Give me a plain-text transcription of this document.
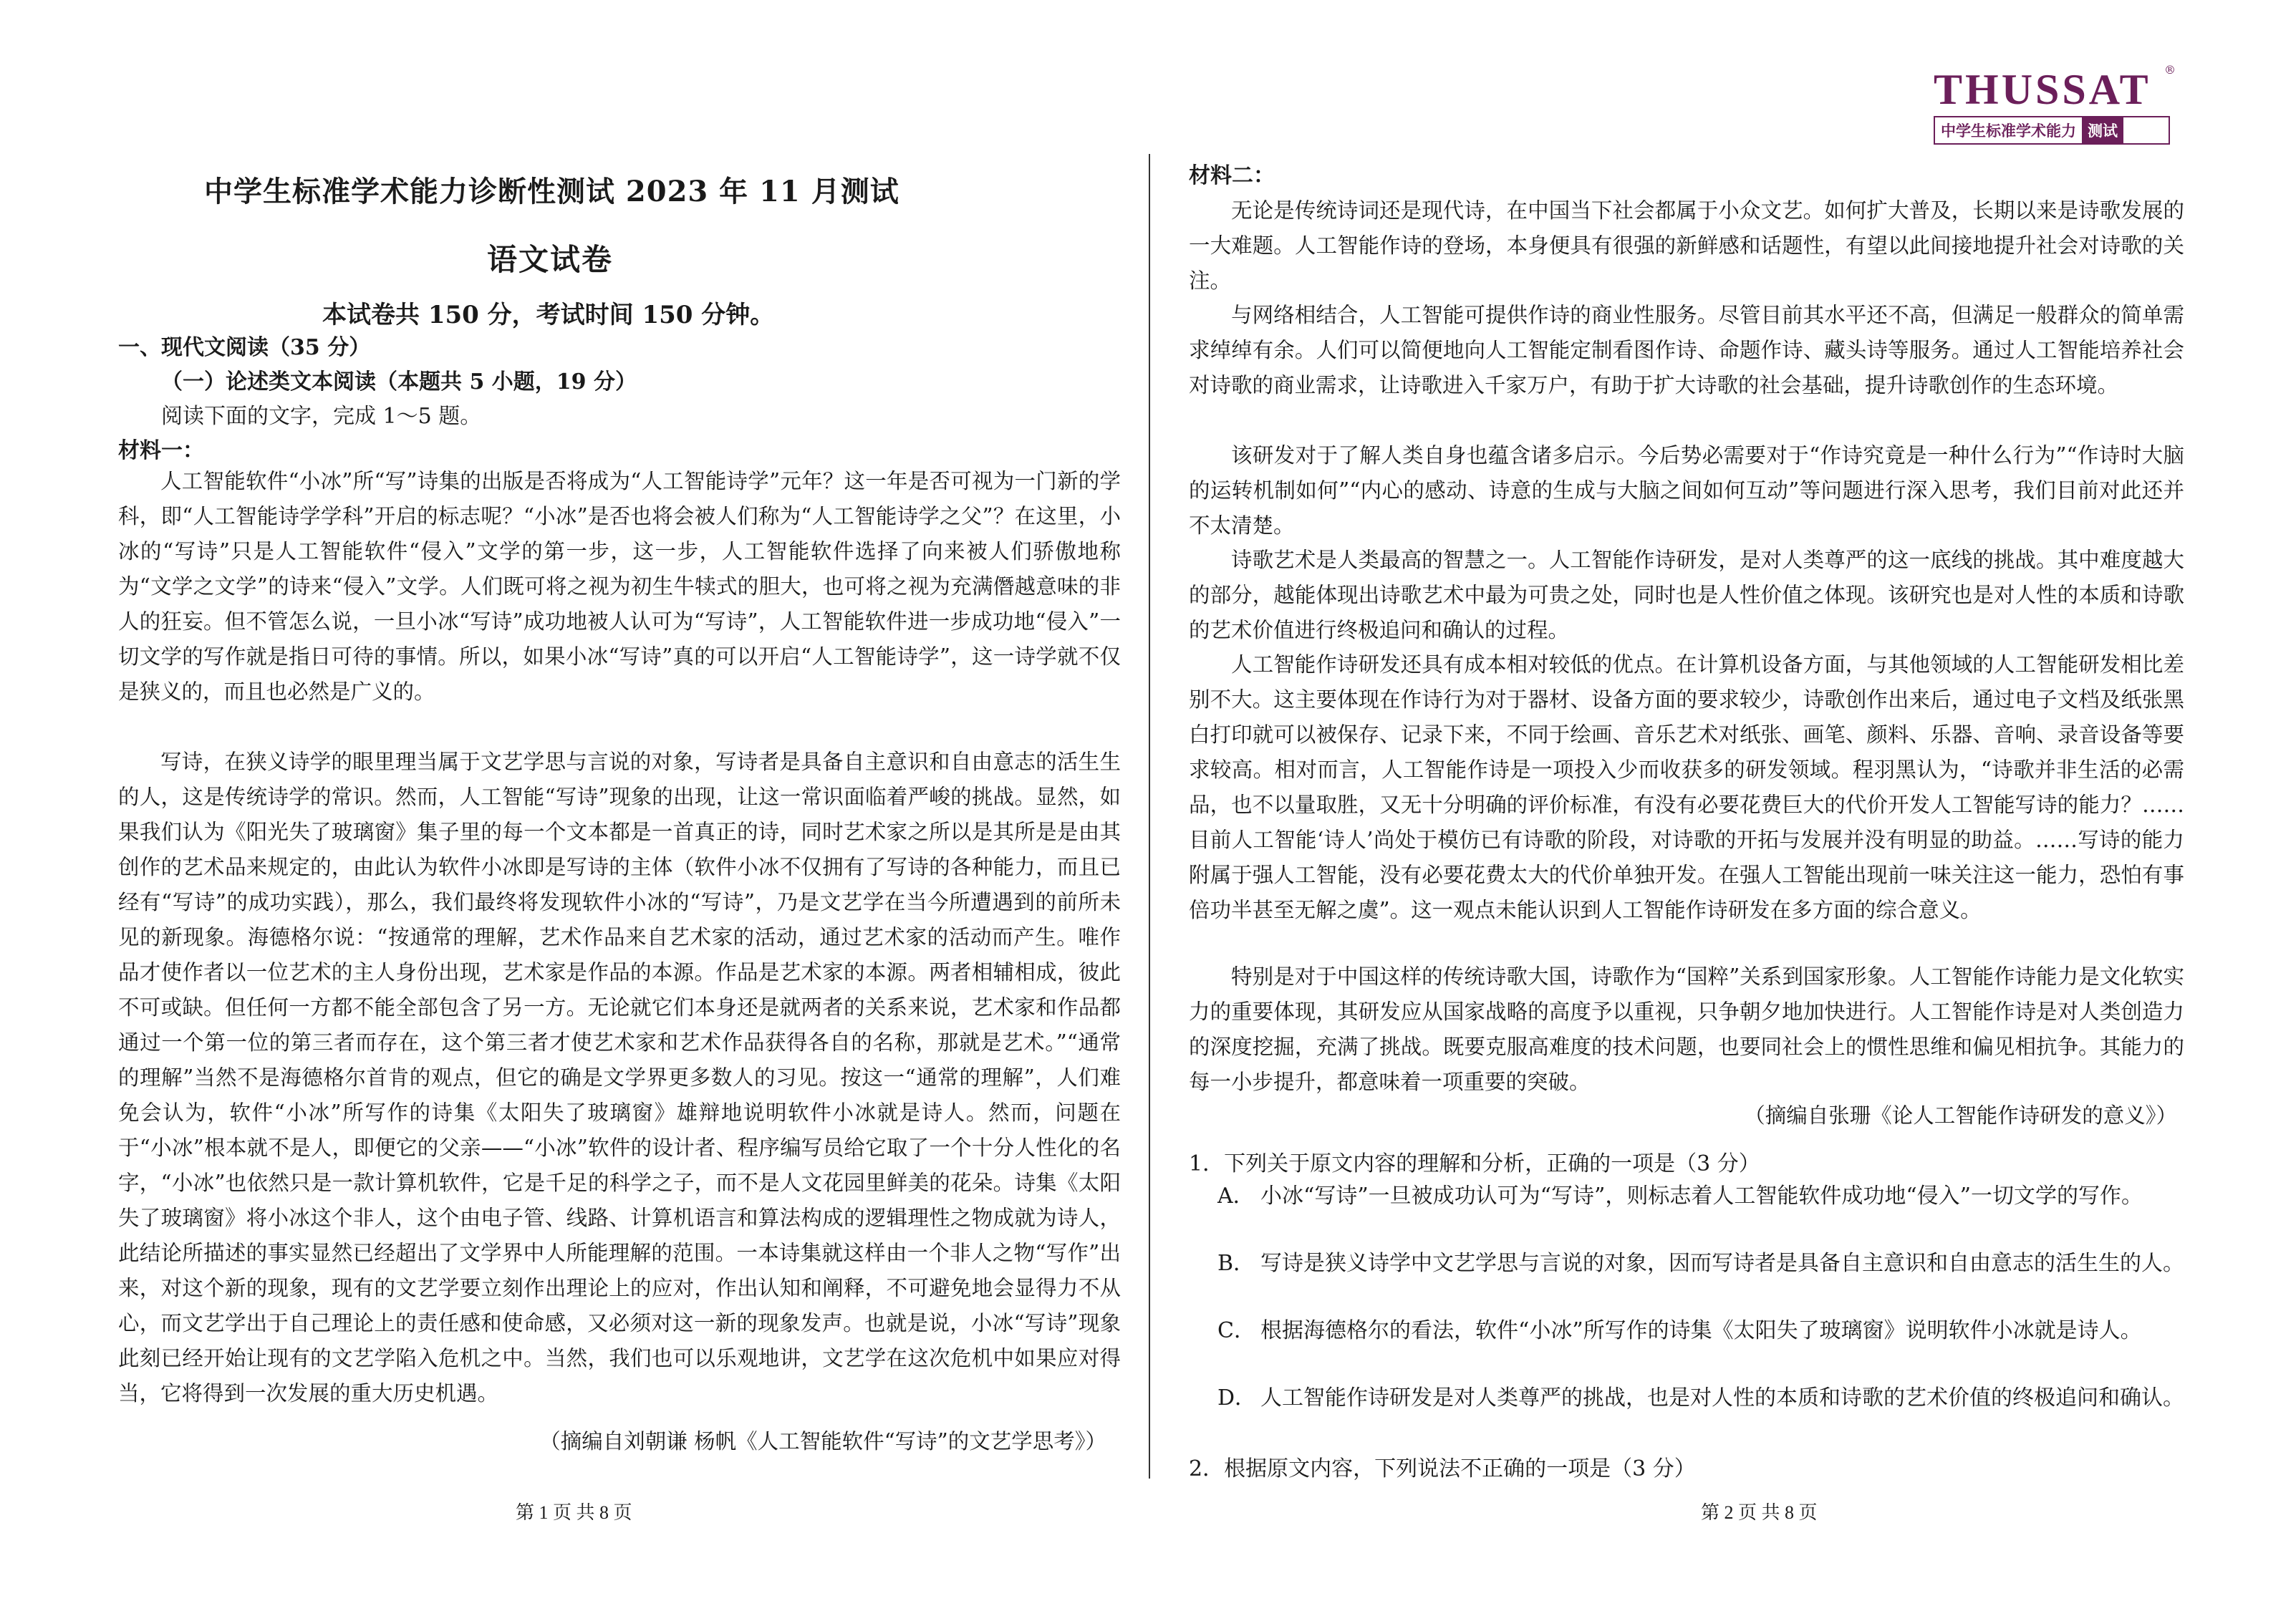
THUSSAT	®
中学生标准学术能力 测试
中学生标准学术能力诊断性测试 2023 年 11 月测试
语文试卷
本试卷共 150 分，考试时间 150 分钟。
一、现代文阅读（35 分）
（一）论述类文本阅读（本题共 5 小题，19 分）
阅读下面的文字，完成 1～5 题。
材料一：
人工智能软件“小冰”所“写”诗集的出版是否将成为“人工智能诗学”元年？这一年是否可视为一门新的学科，即“人工智能诗学学科”开启的标志呢？“小冰”是否也将会被人们称为“人工智能诗学之父”？在这里，小冰的“写诗”只是人工智能软件“侵入”文学的第一步，这一步，人工智能软件选择了向来被人们骄傲地称为“文学之文学”的诗来“侵入”文学。人们既可将之视为初生牛犊式的胆大，也可将之视为充满僭越意味的非人的狂妄。但不管怎么说，一旦小冰“写诗”成功地被人认可为“写诗”，人工智能软件进一步成功地“侵入”一切文学的写作就是指日可待的事情。所以，如果小冰“写诗”真的可以开启“人工智能诗学”，这一诗学就不仅是狭义的，而且也必然是广义的。
写诗，在狭义诗学的眼里理当属于文艺学思与言说的对象，写诗者是具备自主意识和自由意志的活生生的人，这是传统诗学的常识。然而，人工智能“写诗”现象的出现，让这一常识面临着严峻的挑战。显然，如果我们认为《阳光失了玻璃窗》集子里的每一个文本都是一首真正的诗，同时艺术家之所以是其所是是由其创作的艺术品来规定的，由此认为软件小冰即是写诗的主体（软件小冰不仅拥有了写诗的各种能力，而且已经有“写诗”的成功实践），那么，我们最终将发现软件小冰的“写诗”，乃是文艺学在当今所遭遇到的前所未见的新现象。海德格尔说：“按通常的理解，艺术作品来自艺术家的活动，通过艺术家的活动而产生。唯作品才使作者以一位艺术的主人身份出现，艺术家是作品的本源。作品是艺术家的本源。两者相辅相成，彼此不可或缺。但任何一方都不能全部包含了另一方。无论就它们本身还是就两者的关系来说，艺术家和作品都通过一个第一位的第三者而存在，这个第三者才使艺术家和艺术作品获得各自的名称，那就是艺术。”“通常的理解”当然不是海德格尔首肯的观点，但它的确是文学界更多数人的习见。按这一“通常的理解”，人们难免会认为，软件“小冰”所写作的诗集《太阳失了玻璃窗》雄辩地说明软件小冰就是诗人。然而，问题在于“小冰”根本就不是人，即便它的父亲——“小冰”软件的设计者、程序编写员给它取了一个十分人性化的名字，“小冰”也依然只是一款计算机软件，它是千足的科学之子，而不是人文花园里鲜美的花朵。诗集《太阳失了玻璃窗》将小冰这个非人，这个由电子管、线路、计算机语言和算法构成的逻辑理性之物成就为诗人，此结论所描述的事实显然已经超出了文学界中人所能理解的范围。一本诗集就这样由一个非人之物“写作”出来，对这个新的现象，现有的文艺学要立刻作出理论上的应对，作出认知和阐释，不可避免地会显得力不从心，而文艺学出于自己理论上的责任感和使命感，又必须对这一新的现象发声。也就是说，小冰“写诗”现象此刻已经开始让现有的文艺学陷入危机之中。当然，我们也可以乐观地讲，文艺学在这次危机中如果应对得当，它将得到一次发展的重大历史机遇。
（摘编自刘朝谦 杨帆《人工智能软件“写诗”的文艺学思考》）
第 1 页 共 8 页
材料二：
无论是传统诗词还是现代诗，在中国当下社会都属于小众文艺。如何扩大普及，长期以来是诗歌发展的一大难题。人工智能作诗的登场，本身便具有很强的新鲜感和话题性，有望以此间接地提升社会对诗歌的关注。
与网络相结合，人工智能可提供作诗的商业性服务。尽管目前其水平还不高，但满足一般群众的简单需求绰绰有余。人们可以简便地向人工智能定制看图作诗、命题作诗、藏头诗等服务。通过人工智能培养社会对诗歌的商业需求，让诗歌进入千家万户，有助于扩大诗歌的社会基础，提升诗歌创作的生态环境。
该研发对于了解人类自身也蕴含诸多启示。今后势必需要对于“作诗究竟是一种什么行为”“作诗时大脑的运转机制如何”“内心的感动、诗意的生成与大脑之间如何互动”等问题进行深入思考，我们目前对此还并不太清楚。
诗歌艺术是人类最高的智慧之一。人工智能作诗研发，是对人类尊严的这一底线的挑战。其中难度越大的部分，越能体现出诗歌艺术中最为可贵之处，同时也是人性价值之体现。该研究也是对人性的本质和诗歌的艺术价值进行终极追问和确认的过程。
人工智能作诗研发还具有成本相对较低的优点。在计算机设备方面，与其他领域的人工智能研发相比差别不大。这主要体现在作诗行为对于器材、设备方面的要求较少，诗歌创作出来后，通过电子文档及纸张黑白打印就可以被保存、记录下来，不同于绘画、音乐艺术对纸张、画笔、颜料、乐器、音响、录音设备等要求较高。相对而言，人工智能作诗是一项投入少而收获多的研发领域。程羽黑认为，“诗歌并非生活的必需品，也不以量取胜，又无十分明确的评价标准，有没有必要花费巨大的代价开发人工智能写诗的能力？……目前人工智能‘诗人’尚处于模仿已有诗歌的阶段，对诗歌的开拓与发展并没有明显的助益。……写诗的能力附属于强人工智能，没有必要花费太大的代价单独开发。在强人工智能出现前一味关注这一能力，恐怕有事倍功半甚至无解之虞”。这一观点未能认识到人工智能作诗研发在多方面的综合意义。
特别是对于中国这样的传统诗歌大国，诗歌作为“国粹”关系到国家形象。人工智能作诗能力是文化软实力的重要体现，其研发应从国家战略的高度予以重视，只争朝夕地加快进行。人工智能作诗是对人类创造力的深度挖掘，充满了挑战。既要克服高难度的技术问题，也要同社会上的惯性思维和偏见相抗争。其能力的每一小步提升，都意味着一项重要的突破。
（摘编自张珊《论人工智能作诗研发的意义》）
1．下列关于原文内容的理解和分析，正确的一项是（3 分）
A． 小冰“写诗”一旦被成功认可为“写诗”，则标志着人工智能软件成功地“侵入”一切文学的写作。
B． 写诗是狭义诗学中文艺学思与言说的对象，因而写诗者是具备自主意识和自由意志的活生生的人。
C． 根据海德格尔的看法，软件“小冰”所写作的诗集《太阳失了玻璃窗》说明软件小冰就是诗人。
D． 人工智能作诗研发是对人类尊严的挑战，也是对人性的本质和诗歌的艺术价值的终极追问和确认。
2．根据原文内容，下列说法不正确的一项是（3 分）
第 2 页 共 8 页
